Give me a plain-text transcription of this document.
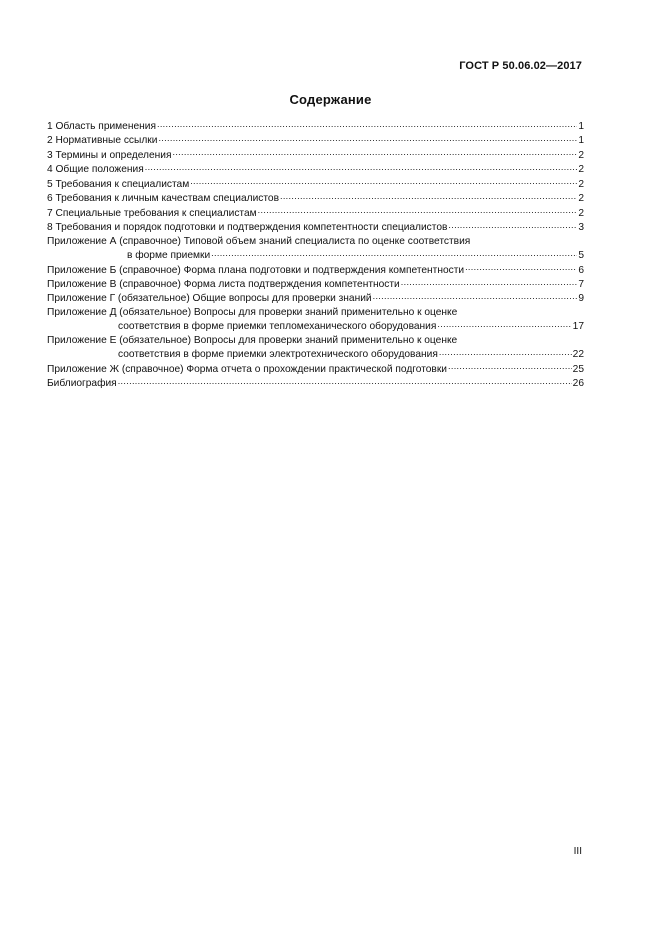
ГОСТ Р 50.06.02—2017
Содержание
1 Область применения .....	1
2 Нормативные ссылки .....	1
3 Термины и определения .....	2
4 Общие положения .....	2
5 Требования к специалистам .....	2
6 Требования к личным качествам специалистов .....	2
7 Специальные требования к специалистам .....	2
8 Требования и порядок подготовки и подтверждения компетентности специалистов .....	3
Приложение А (справочное) Типовой объем знаний специалиста по оценке соответствия
в форме приемки .....	5
Приложение Б (справочное) Форма плана подготовки и подтверждения компетентности .....	6
Приложение В (справочное) Форма листа подтверждения компетентности .....	7
Приложение Г (обязательное) Общие вопросы для проверки знаний .....	9
Приложение Д (обязательное) Вопросы для проверки знаний применительно к оценке
соответствия в форме приемки тепломеханического оборудования .....	17
Приложение Е (обязательное) Вопросы для проверки знаний применительно к оценке
соответствия в форме приемки электротехнического оборудования .....	22
Приложение Ж (справочное) Форма отчета о прохождении практической подготовки .....	25
Библиография .....	26
III
